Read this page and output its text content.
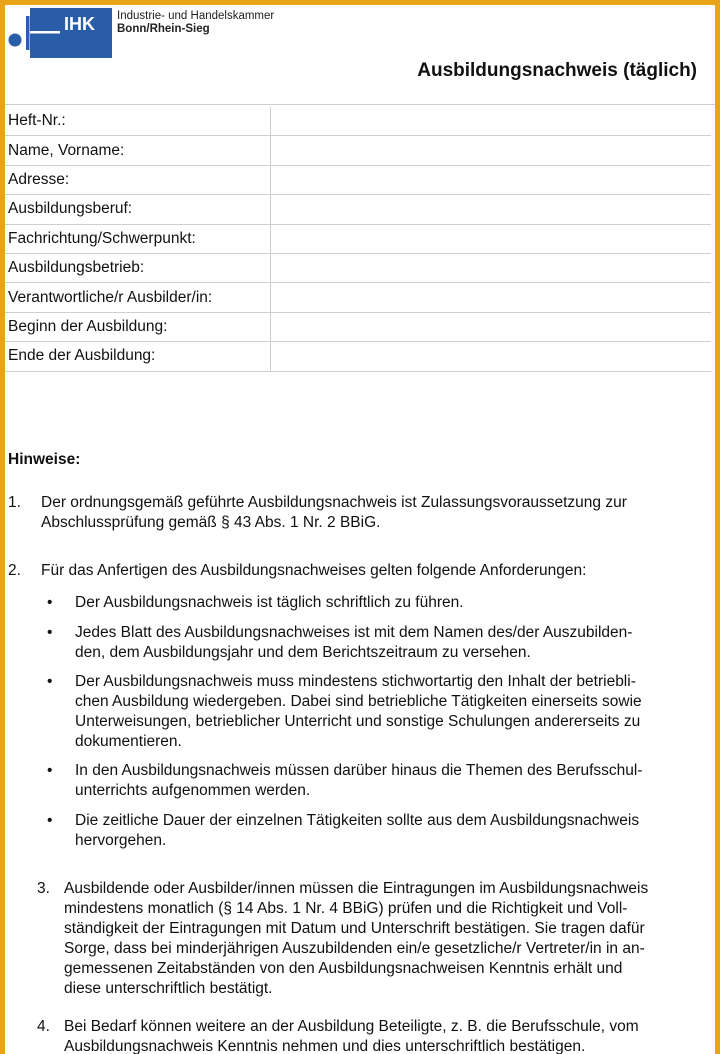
IHK Industrie- und Handelskammer
Bonn/Rhein-Sieg
Ausbildungsnachweis (täglich)
Heft-Nr.:	
Name, Vorname:	
Adresse:	
Ausbildungsberuf:	
Fachrichtung/Schwerpunkt:	
Ausbildungsbetrieb:	
Verantwortliche/r Ausbilder/in:	
Beginn der Ausbildung:	
Ende der Ausbildung:	
Hinweise:
1. Der ordnungsgemäß geführte Ausbildungsnachweis ist Zulassungsvoraussetzung zur
Abschlussprüfung gemäß § 43 Abs. 1 Nr. 2 BBiG.
2. Für das Anfertigen des Ausbildungsnachweises gelten folgende Anforderungen:
• Der Ausbildungsnachweis ist täglich schriftlich zu führen.
• Jedes Blatt des Ausbildungsnachweises ist mit dem Namen des/der Auszubilden-
den, dem Ausbildungsjahr und dem Berichtszeitraum zu versehen.
• Der Ausbildungsnachweis muss mindestens stichwortartig den Inhalt der betriebli-
chen Ausbildung wiedergeben. Dabei sind betriebliche Tätigkeiten einerseits sowie
Unterweisungen, betrieblicher Unterricht und sonstige Schulungen andererseits zu
dokumentieren.
• In den Ausbildungsnachweis müssen darüber hinaus die Themen des Berufsschul-
unterrichts aufgenommen werden.
• Die zeitliche Dauer der einzelnen Tätigkeiten sollte aus dem Ausbildungsnachweis
hervorgehen.
3. Ausbildende oder Ausbilder/innen müssen die Eintragungen im Ausbildungsnachweis
mindestens monatlich (§ 14 Abs. 1 Nr. 4 BBiG) prüfen und die Richtigkeit und Voll-
ständigkeit der Eintragungen mit Datum und Unterschrift bestätigen. Sie tragen dafür
Sorge, dass bei minderjährigen Auszubildenden ein/e gesetzliche/r Vertreter/in in an-
gemessenen Zeitabständen von den Ausbildungsnachweisen Kenntnis erhält und
diese unterschriftlich bestätigt.
4. Bei Bedarf können weitere an der Ausbildung Beteiligte, z. B. die Berufsschule, vom
Ausbildungsnachweis Kenntnis nehmen und dies unterschriftlich bestätigen.
